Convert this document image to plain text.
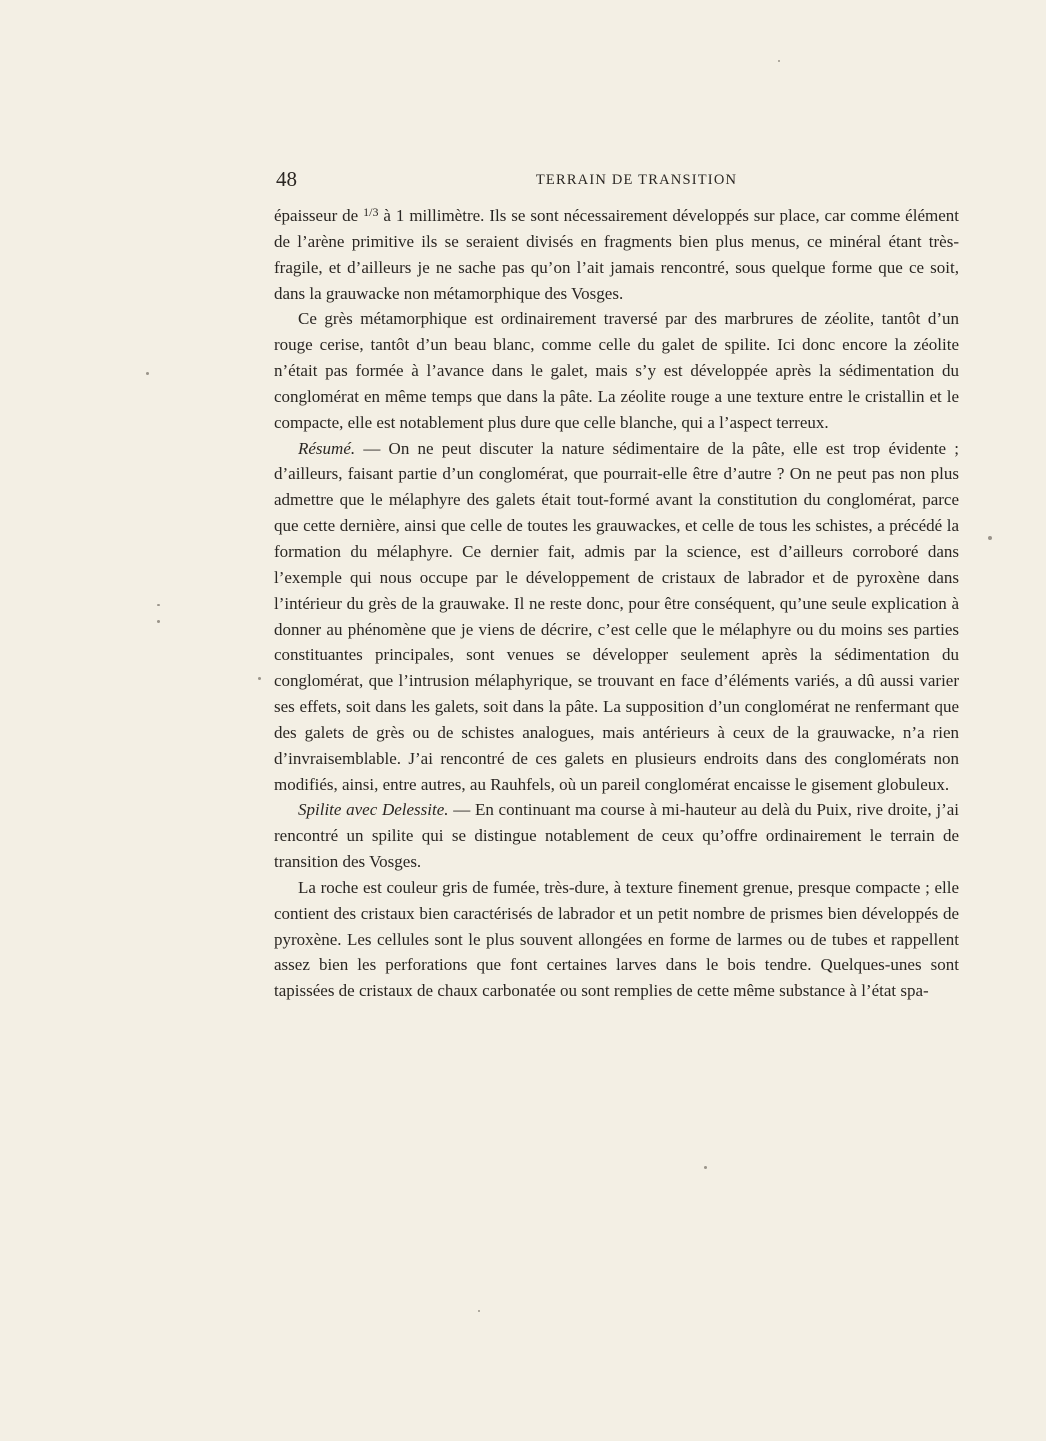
48	TERRAIN DE TRANSITION

épaisseur de $^{1/3}$ à 1 millimètre. Ils se sont nécessairement développés sur place, car comme élément de l’arène primitive ils se seraient divisés en fragments bien plus menus, ce minéral étant très-fragile, et d’ailleurs je ne sache pas qu’on l’ait jamais rencontré, sous quelque forme que ce soit, dans la grauwacke non métamorphique des Vosges.

Ce grès métamorphique est ordinairement traversé par des marbrures de zéolite, tantôt d’un rouge cerise, tantôt d’un beau blanc, comme celle du galet de spilite. Ici donc encore la zéolite n’était pas formée à l’avance dans le galet, mais s’y est développée après la sédimentation du conglomérat en même temps que dans la pâte. La zéolite rouge a une texture entre le cristallin et le compacte, elle est notablement plus dure que celle blanche, qui a l’aspect terreux.

Résumé. — On ne peut discuter la nature sédimentaire de la pâte, elle est trop évidente ; d’ailleurs, faisant partie d’un conglomérat, que pourrait-elle être d’autre ? On ne peut pas non plus admettre que le mélaphyre des galets était tout-formé avant la constitution du conglomérat, parce que cette dernière, ainsi que celle de toutes les grauwackes, et celle de tous les schistes, a précédé la formation du mélaphyre. Ce dernier fait, admis par la science, est d’ailleurs corroboré dans l’exemple qui nous occupe par le développement de cristaux de labrador et de pyroxène dans l’intérieur du grès de la grauwake. Il ne reste donc, pour être conséquent, qu’une seule explication à donner au phénomène que je viens de décrire, c’est celle que le mélaphyre ou du moins ses parties constituantes principales, sont venues se développer seulement après la sédimentation du conglomérat, que l’intrusion mélaphyrique, se trouvant en face d’éléments variés, a dû aussi varier ses effets, soit dans les galets, soit dans la pâte. La supposition d’un conglomérat ne renfermant que des galets de grès ou de schistes analogues, mais antérieurs à ceux de la grauwacke, n’a rien d’invraisemblable. J’ai rencontré de ces galets en plusieurs endroits dans des conglomérats non modifiés, ainsi, entre autres, au Rauhfels, où un pareil conglomérat encaisse le gisement globuleux.

Spilite avec Delessite. — En continuant ma course à mi-hauteur au delà du Puix, rive droite, j’ai rencontré un spilite qui se distingue notablement de ceux qu’offre ordinairement le terrain de transition des Vosges.

La roche est couleur gris de fumée, très-dure, à texture finement grenue, presque compacte ; elle contient des cristaux bien caractérisés de labrador et un petit nombre de prismes bien développés de pyroxène. Les cellules sont le plus souvent allongées en forme de larmes ou de tubes et rappellent assez bien les perforations que font certaines larves dans le bois tendre. Quelques-unes sont tapissées de cristaux de chaux carbonatée ou sont remplies de cette même substance à l’état spa-
